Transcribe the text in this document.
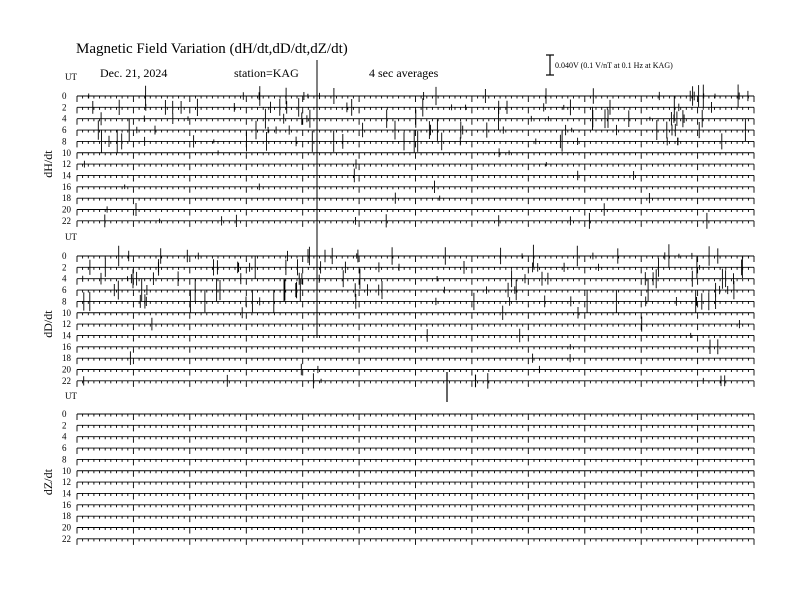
Magnetic Field Variation (dH/dt,dD/dt,dZ/dt)
Dec. 21, 2024	station=KAG	4 sec averages
0.040V (0.1 V/nT at 0.1 Hz at KAG)
UT
dH/dt
0
2
4
6
8
10
12
14
16
18
20
22
UT
dD/dt
0
2
4
6
8
10
12
14
16
18
20
22
UT
dZ/dt
0
2
4
6
8
10
12
14
16
18
20
22
